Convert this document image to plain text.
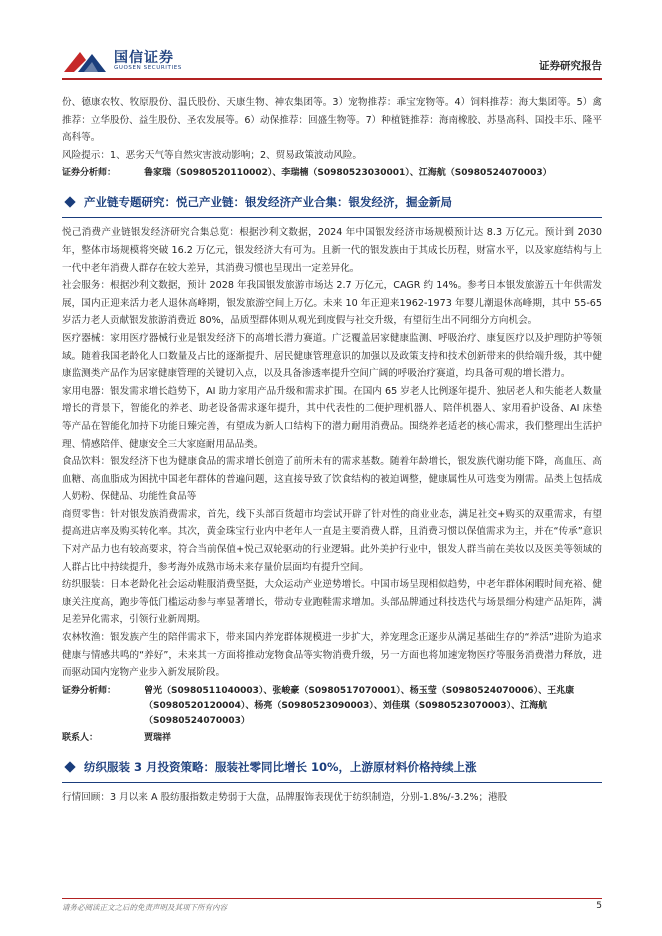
国信证券
GUOSEN SECURITIES	证券研究报告

份、德康农牧、牧原股份、温氏股份、天康生物、神农集团等。3）宠物推荐：乖宝宠物等。4）饲料推荐：海大集团等。5）禽推荐：立华股份、益生股份、圣农发展等。6）动保推荐：回盛生物等。7）种植链推荐：海南橡胶、苏垦高科、国投丰乐、隆平高科等。

风险提示：1、恶劣天气等自然灾害波动影响；2、贸易政策波动风险。

证券分析师：	鲁家瑞（S0980520110002）、李瑞楠（S0980523030001）、江海航（S0980524070003）
产业链专题研究：悦己产业链：银发经济产业合集：银发经济，掘金新局

悦己消费产业链银发经济研究合集总览：根据沙利文数据，2024 年中国银发经济市场规模预计达 8.3 万亿元。预计到 2030 年，整体市场规模将突破 16.2 万亿元，银发经济大有可为。且新一代的银发族由于其成长历程，财富水平，以及家庭结构与上一代中老年消费人群存在较大差异，其消费习惯也呈现出一定差异化。

社会服务：根据沙利文数据，预计 2028 年我国银发旅游市场达 2.7 万亿元，CAGR 约 14%。参考日本银发旅游五十年供需发展，国内正迎来活力老人退休高峰期，银发旅游空间上万亿。未来 10 年正迎来1962-1973 年婴儿潮退休高峰期，其中 55-65 岁活力老人贡献银发旅游消费近 80%，品质型群体则从观光到度假与社交升级，有望衍生出不同细分方向机会。

医疗器械：家用医疗器械行业是银发经济下的高增长潜力赛道。广泛覆盖居家健康监测、呼吸治疗、康复医疗以及护理防护等领域。随着我国老龄化人口数量及占比的逐渐提升、居民健康管理意识的加强以及政策支持和技术创新带来的供给端升级，其中健康监测类产品作为居家健康管理的关键切入点，以及具备渗透率提升空间广阔的呼吸治疗赛道，均具备可观的增长潜力。

家用电器：银发需求增长趋势下，AI 助力家用产品升级和需求扩围。在国内 65 岁老人比例逐年提升、独居老人和失能老人数量增长的背景下，智能化的养老、助老设备需求逐年提升，其中代表性的二便护理机器人、陪伴机器人、家用看护设备、AI 床垫等产品在智能化加持下功能日臻完善，有望成为新人口结构下的潜力耐用消费品。围绕养老适老的核心需求，我们整理出生活护理、情感陪伴、健康安全三大家庭耐用品品类。

食品饮料：银发经济下也为健康食品的需求增长创造了前所未有的需求基数。随着年龄增长，银发族代谢功能下降，高血压、高血糖、高血脂成为困扰中国老年群体的普遍问题，这直接导致了饮食结构的被迫调整，健康属性从可选变为刚需。品类上包括成人奶粉、保健品、功能性食品等

商贸零售：针对银发族消费需求，首先，线下头部百货超市均尝试开辟了针对性的商业业态，满足社交+购买的双重需求，有望提高进店率及购买转化率。其次，黄金珠宝行业内中老年人一直是主要消费人群，且消费习惯以保值需求为主，并在“传承”意识下对产品力也有较高要求，符合当前保值+悦己双轮驱动的行业逻辑。此外美护行业中，银发人群当前在美妆以及医美等领域的人群占比中持续提升，参考海外成熟市场未来存量价层面均有提升空间。

纺织服装：日本老龄化社会运动鞋服消费坚挺，大众运动产业逆势增长。中国市场呈现相似趋势，中老年群体闲暇时间充裕、健康关注度高，跑步等低门槛运动参与率显著增长，带动专业跑鞋需求增加。头部品牌通过科技迭代与场景细分构建产品矩阵，满足差异化需求，引领行业新周期。

农林牧渔：银发族产生的陪伴需求下，带来国内养宠群体规模进一步扩大，养宠理念正逐步从满足基础生存的“养活”进阶为追求健康与情感共鸣的“养好”，未来其一方面将推动宠物食品等实物消费升级，另一方面也将加速宠物医疗等服务消费潜力释放，进而驱动国内宠物产业步入新发展阶段。

证券分析师：	曾光（S0980511040003）、张峻豪（S0980517070001）、杨玉莹（S0980524070006）、王兆康（S0980520120004）、杨亮（S0980523090003）、刘佳琪（S0980523070003）、江海航（S0980524070003）
联系人：	贾瑞祥
纺织服装 3 月投资策略：服装社零同比增长 10%，上游原材料价格持续上涨

行情回顾：3 月以来 A 股纺服指数走势弱于大盘，品牌服饰表现优于纺织制造，分别-1.8%/-3.2%；港股

请务必阅读正文之后的免责声明及其项下所有内容	5
